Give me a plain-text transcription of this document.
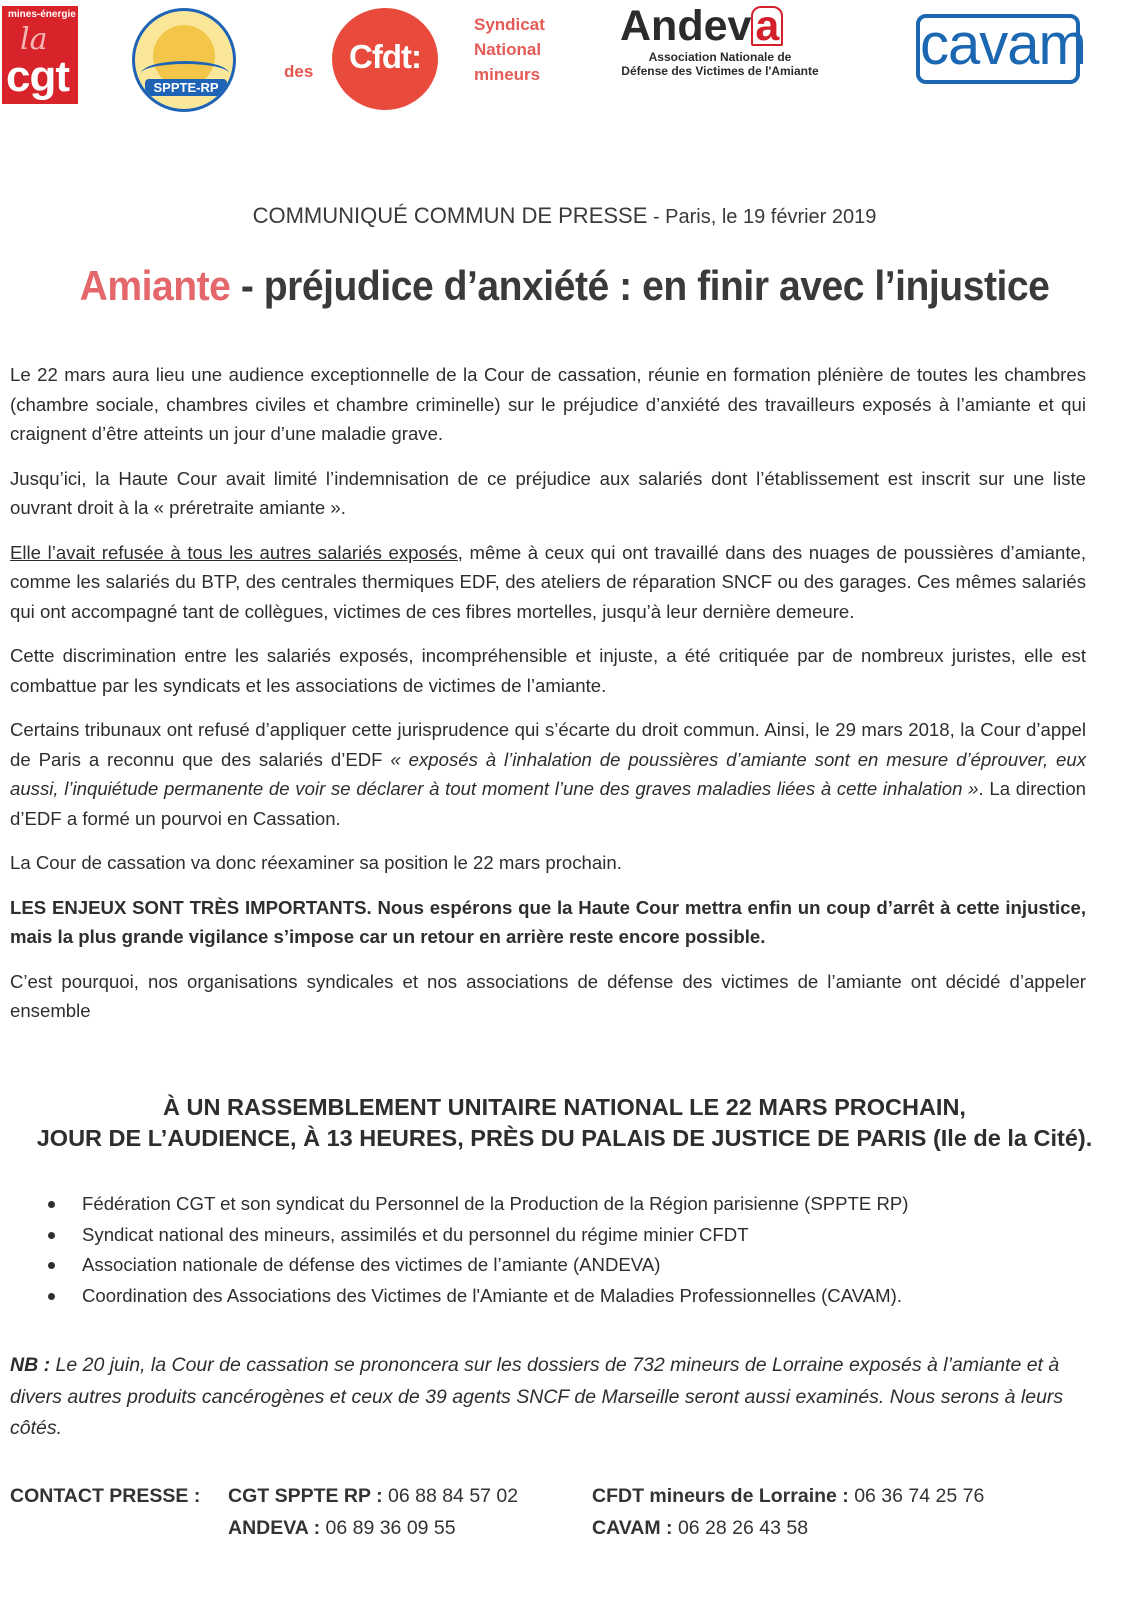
mines-énergie
la
cgt	SPPTE-RP
des	Cfdt:
Syndicat
National
mineurs
Andeva
Association Nationale de
Défense des Victimes de l'Amiante cavam
COMMUNIQUÉ COMMUN DE PRESSE - Paris, le 19 février 2019
Amiante - préjudice d’anxiété : en finir avec l’injustice

Le 22 mars aura lieu une audience exceptionnelle de la Cour de cassation, réunie en formation plénière de toutes les chambres (chambre sociale, chambres civiles et chambre criminelle) sur le préjudice d’anxiété des travailleurs exposés à l’amiante et qui craignent d’être atteints un jour d’une maladie grave.

Jusqu’ici, la Haute Cour avait limité l’indemnisation de ce préjudice aux salariés dont l’établissement est inscrit sur une liste ouvrant droit à la « préretraite amiante ».

Elle l’avait refusée à tous les autres salariés exposés, même à ceux qui ont travaillé dans des nuages de poussières d’amiante, comme les salariés du BTP, des centrales thermiques EDF, des ateliers de réparation SNCF ou des garages. Ces mêmes salariés qui ont accompagné tant de collègues, victimes de ces fibres mortelles, jusqu’à leur dernière demeure.

Cette discrimination entre les salariés exposés, incompréhensible et injuste, a été critiquée par de nombreux juristes, elle est combattue par les syndicats et les associations de victimes de l’amiante.

Certains tribunaux ont refusé d’appliquer cette jurisprudence qui s’écarte du droit commun. Ainsi, le 29 mars 2018, la Cour d’appel de Paris a reconnu que des salariés d’EDF « exposés à l’inhalation de poussières d’amiante sont en mesure d’éprouver, eux aussi, l’inquiétude permanente de voir se déclarer à tout moment l’une des graves maladies liées à cette inhalation ». La direction d’EDF a formé un pourvoi en Cassation.

La Cour de cassation va donc réexaminer sa position le 22 mars prochain.

LES ENJEUX SONT TRÈS IMPORTANTS. Nous espérons que la Haute Cour mettra enfin un coup d’arrêt à cette injustice, mais la plus grande vigilance s’impose car un retour en arrière reste encore possible.

C’est pourquoi, nos organisations syndicales et nos associations de défense des victimes de l’amiante ont décidé d’appeler ensemble

À UN RASSEMBLEMENT UNITAIRE NATIONAL LE 22 MARS PROCHAIN,
JOUR DE L’AUDIENCE, À 13 HEURES, PRÈS DU PALAIS DE JUSTICE DE PARIS (Ile de la Cité).
Fédération CGT et son syndicat du Personnel de la Production de la Région parisienne (SPPTE RP)
Syndicat national des mineurs, assimilés et du personnel du régime minier CFDT
Association nationale de défense des victimes de l’amiante (ANDEVA)
Coordination des Associations des Victimes de l'Amiante et de Maladies Professionnelles (CAVAM).
NB : Le 20 juin, la Cour de cassation se prononcera sur les dossiers de 732 mineurs de Lorraine exposés à l’amiante et à divers autres produits cancérogènes et ceux de 39 agents SNCF de Marseille seront aussi examinés. Nous serons à leurs côtés.
CONTACT PRESSE : CGT SPPTE RP : 06 88 84 57 02
ANDEVA : 06 89 36 09 55
CFDT mineurs de Lorraine : 06 36 74 25 76
CAVAM : 06 28 26 43 58
